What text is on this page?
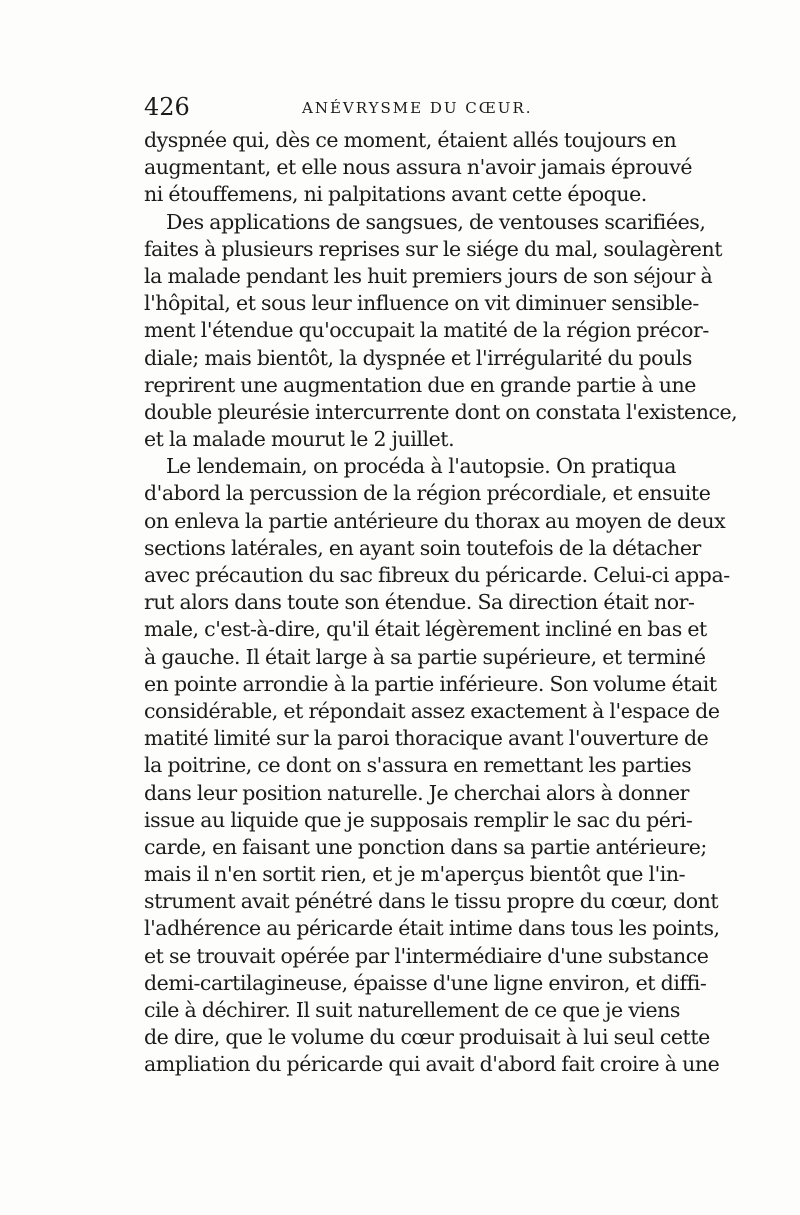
426	ANÉVRYSME DU CŒUR.
dyspnée qui, dès ce moment, étaient allés toujours en
augmentant, et elle nous assura n'avoir jamais éprouvé
ni étouffemens, ni palpitations avant cette époque.
Des applications de sangsues, de ventouses scarifiées,
faites à plusieurs reprises sur le siége du mal, soulagèrent
la malade pendant les huit premiers jours de son séjour à
l'hôpital, et sous leur influence on vit diminuer sensible-
ment l'étendue qu'occupait la matité de la région précor-
diale; mais bientôt, la dyspnée et l'irrégularité du pouls
reprirent une augmentation due en grande partie à une
double pleurésie intercurrente dont on constata l'existence,
et la malade mourut le 2 juillet.
Le lendemain, on procéda à l'autopsie. On pratiqua
d'abord la percussion de la région précordiale, et ensuite
on enleva la partie antérieure du thorax au moyen de deux
sections latérales, en ayant soin toutefois de la détacher
avec précaution du sac fibreux du péricarde. Celui-ci appa-
rut alors dans toute son étendue. Sa direction était nor-
male, c'est-à-dire, qu'il était légèrement incliné en bas et
à gauche. Il était large à sa partie supérieure, et terminé
en pointe arrondie à la partie inférieure. Son volume était
considérable, et répondait assez exactement à l'espace de
matité limité sur la paroi thoracique avant l'ouverture de
la poitrine, ce dont on s'assura en remettant les parties
dans leur position naturelle. Je cherchai alors à donner
issue au liquide que je supposais remplir le sac du péri-
carde, en faisant une ponction dans sa partie antérieure;
mais il n'en sortit rien, et je m'aperçus bientôt que l'in-
strument avait pénétré dans le tissu propre du cœur, dont
l'adhérence au péricarde était intime dans tous les points,
et se trouvait opérée par l'intermédiaire d'une substance
demi-cartilagineuse, épaisse d'une ligne environ, et diffi-
cile à déchirer. Il suit naturellement de ce que je viens
de dire, que le volume du cœur produisait à lui seul cette
ampliation du péricarde qui avait d'abord fait croire à une
